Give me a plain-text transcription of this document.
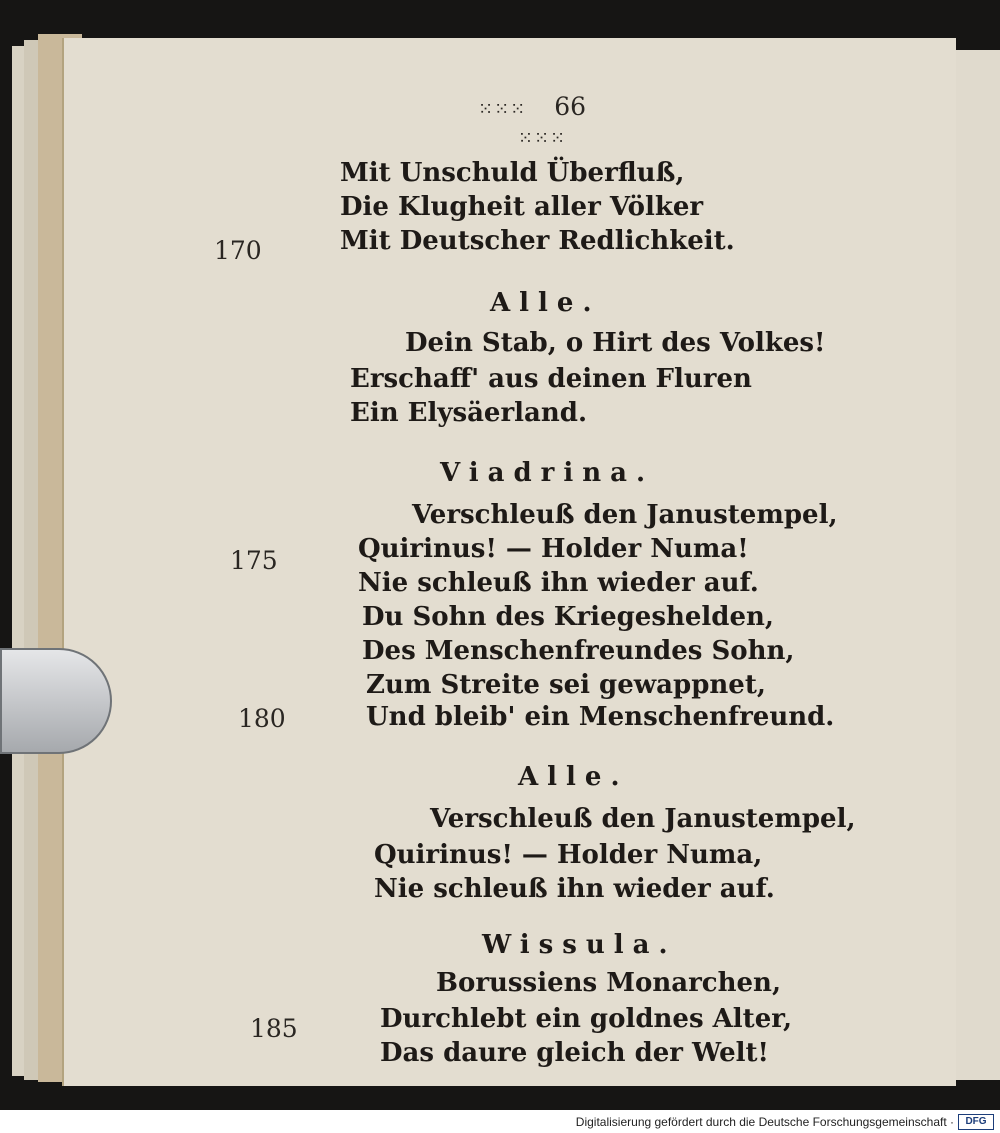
⁙⁙⁙ 66 ⁙⁙⁙
Mit Unschuld Überfluß,
Die Klugheit aller Völker
Mit Deutscher Redlichkeit.
Alle.
Dein Stab, o Hirt des Volkes!
Erschaff' aus deinen Fluren
Ein Elysäerland.
Viadrina.
Verschleuß den Janustempel,
Quirinus! — Holder Numa!
Nie schleuß ihn wieder auf.
Du Sohn des Kriegeshelden,
Des Menschenfreundes Sohn,
Zum Streite sei gewappnet,
Und bleib' ein Menschenfreund.
Alle.
Verschleuß den Janustempel,
Quirinus! — Holder Numa,
Nie schleuß ihn wieder auf.
Wissula.
Borussiens Monarchen,
Durchlebt ein goldnes Alter,
Das daure gleich der Welt!
170
175
180
185
Digitalisierung gefördert durch die Deutsche Forschungsgemeinschaft ·	DFG
